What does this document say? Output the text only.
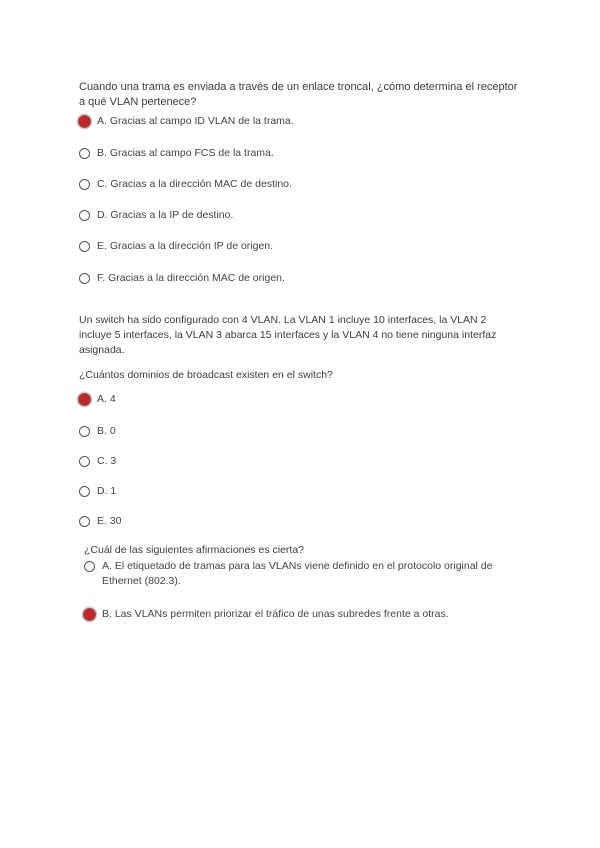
Cuando una trama es enviada a través de un enlace troncal, ¿cómo determina el receptor a qué VLAN pertenece?

A. Gracias al campo ID VLAN de la trama.
B. Gracias al campo FCS de la trama.
C. Gracias a la dirección MAC de destino.
D. Gracias a la IP de destino.
E. Gracias a la dirección IP de origen.
F. Gracias a la dirección MAC de origen.

Un switch ha sido configurado con 4 VLAN. La VLAN 1 incluye 10 interfaces, la VLAN 2 incluye 5 interfaces, la VLAN 3 abarca 15 interfaces y la VLAN 4 no tiene ninguna interfaz asignada.

¿Cuántos dominios de broadcast existen en el switch?

A. 4
B. 0
C. 3
D. 1
E. 30

¿Cuál de las siguientes afirmaciones es cierta?

A. El etiquetado de tramas para las VLANs viene definido en el protocolo original de Ethernet (802.3).
B. Las VLANs permiten priorizar el tráfico de unas subredes frente a otras.
